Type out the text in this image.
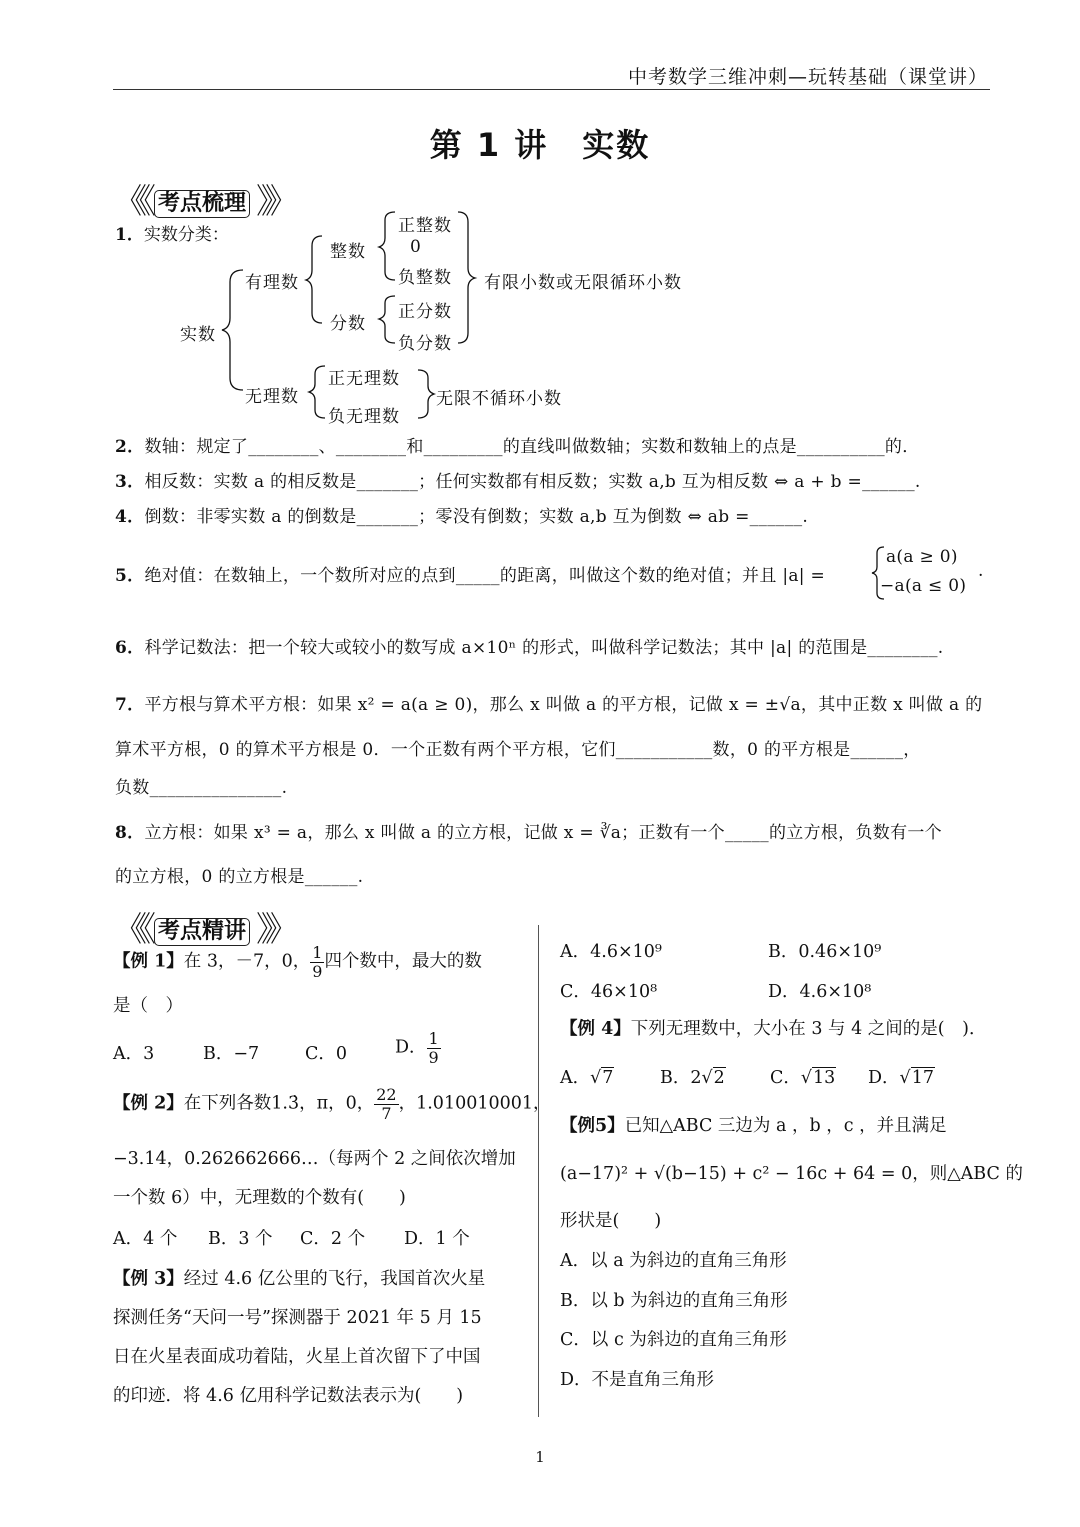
中考数学三维冲刺—玩转基础（课堂讲）
第 1 讲　实数
《《 考点梳理 》》
1．实数分类：
实数
有理数
整数
正整数
0
负整数
分数
正分数
负分数
有限小数或无限循环小数
无理数
正无理数
负无理数
无限不循环小数
2．数轴：规定了________、________和_________的直线叫做数轴；实数和数轴上的点是__________的．
3．相反数：实数 a 的相反数是_______；任何实数都有相反数；实数 a,b 互为相反数 ⇔ a + b =______.
4．倒数：非零实数 a 的倒数是_______；零没有倒数；实数 a,b 互为倒数 ⇔ ab =______.
5．绝对值：在数轴上，一个数所对应的点到_____的距离，叫做这个数的绝对值；并且 |a| =
a(a ≥ 0)
−a(a ≤ 0)
.
6．科学记数法：把一个较大或较小的数写成 a×10ⁿ 的形式，叫做科学记数法；其中 |a| 的范围是________.
7．平方根与算术平方根：如果 x² = a(a ≥ 0)，那么 x 叫做 a 的平方根，记做 x = ±√a，其中正数 x 叫做 a 的
算术平方根，0 的算术平方根是 0．一个正数有两个平方根，它们___________数，0 的平方根是______，
负数_______________.
8．立方根：如果 x³ = a，那么 x 叫做 a 的立方根，记做 x = ∛a；正数有一个_____的立方根，负数有一个
的立方根，0 的立方根是______.
《《 考点精讲 》》
【例 1】在 3，－7，0， $\frac{1}{9}$ 四个数中，最大的数
是（　）
A．3	B．−7	C．0	D． $\frac{1}{9}$
【例 2】在下列各数1.3̇，π，0， $\frac{22}{7}$ ，1.010010001，
−3.14，0.262662666…（每两个 2 之间依次增加
一个数 6）中，无理数的个数有(　　)
A．4 个 B．3 个 C．2 个 D．1 个
【例 3】经过 4.6 亿公里的飞行，我国首次火星
探测任务“天问一号”探测器于 2021 年 5 月 15
日在火星表面成功着陆，火星上首次留下了中国
的印迹．将 4.6 亿用科学记数法表示为(　　)
A．4.6×10⁹	B．0.46×10⁹
C．46×10⁸	D．4.6×10⁸
【例 4】下列无理数中，大小在 3 与 4 之间的是(　)．
A．√7	B．2√2	C．√13 D．√17
【例5】已知△ABC 三边为 a ，b ，c ，并且满足
(a−17)² + √(b−15) + c² − 16c + 64 = 0，则△ABC 的
形状是(　　)
A．以 a 为斜边的直角三角形
B．以 b 为斜边的直角三角形
C．以 c 为斜边的直角三角形
D．不是直角三角形
1
